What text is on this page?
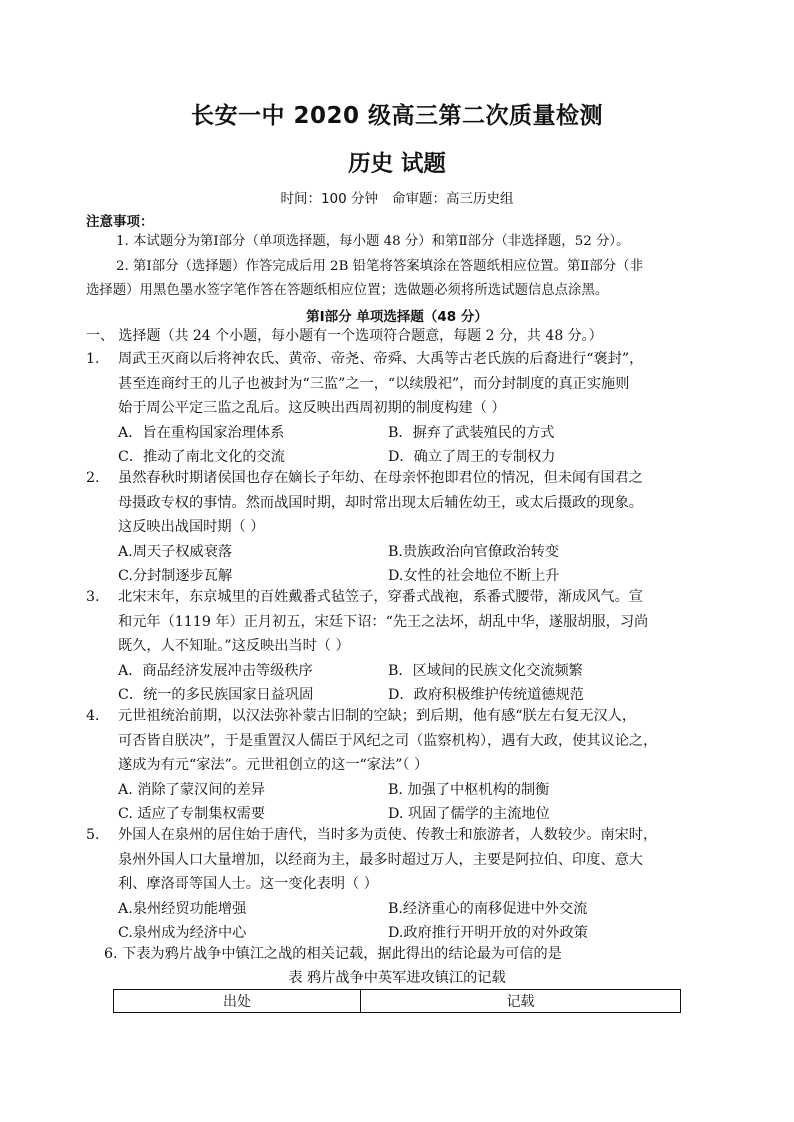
长安一中 2020 级高三第二次质量检测
历史 试题
时间：100 分钟 命审题：高三历史组
注意事项：
1. 本试题分为第Ⅰ部分（单项选择题，每小题 48 分）和第Ⅱ部分（非选择题，52 分）。
2. 第Ⅰ部分（选择题）作答完成后用 2B 铅笔将答案填涂在答题纸相应位置。第Ⅱ部分（非
选择题）用黑色墨水签字笔作答在答题纸相应位置；选做题必须将所选试题信息点涂黑。
第Ⅰ部分 单项选择题（48 分）
一、 选择题（共 24 个小题，每小题有一个选项符合题意，每题 2 分，共 48 分。）
1. 周武王灭商以后将神农氏、黄帝、帝尧、帝舜、大禹等古老氏族的后裔进行“褒封”，
甚至连商纣王的儿子也被封为“三监”之一，“以续殷祀”，而分封制度的真正实施则
始于周公平定三监之乱后。这反映出西周初期的制度构建（ ）
A．旨在重构国家治理体系	B．摒弃了武装殖民的方式
C．推动了南北文化的交流	D．确立了周王的专制权力
2. 虽然春秋时期诸侯国也存在嫡长子年幼、在母亲怀抱即君位的情况，但未闻有国君之
母摄政专权的事情。然而战国时期，却时常出现太后辅佐幼王，或太后摄政的现象。
这反映出战国时期（ ）
A.周天子权威衰落	B.贵族政治向官僚政治转变
C.分封制逐步瓦解	D.女性的社会地位不断上升
3. 北宋末年，东京城里的百姓戴番式毡笠子，穿番式战袍，系番式腰带，渐成风气。宣
和元年（1119 年）正月初五，宋廷下诏：“先王之法坏，胡乱中华，遂服胡服，习尚
既久，人不知耻。”这反映出当时（ ）
A．商品经济发展冲击等级秩序	B．区域间的民族文化交流频繁
C．统一的多民族国家日益巩固	D．政府积极维护传统道德规范
4． 元世祖统治前期，以汉法弥补蒙古旧制的空缺；到后期，他有感“朕左右复无汉人，
可否皆自朕决”，于是重置汉人儒臣于风纪之司（监察机构），遇有大政，使其议论之，
遂成为有元“家法”。元世祖创立的这一“家法”（ ）
A. 消除了蒙汉间的差异	B. 加强了中枢机构的制衡
C. 适应了专制集权需要	D. 巩固了儒学的主流地位
5. 外国人在泉州的居住始于唐代，当时多为贡使、传教士和旅游者，人数较少。南宋时，
泉州外国人口大量增加，以经商为主，最多时超过万人，主要是阿拉伯、印度、意大
利、摩洛哥等国人士。这一变化表明（ ）
A.泉州经贸功能增强	B.经济重心的南移促进中外交流
C.泉州成为经济中心	D.政府推行开明开放的对外政策
6. 下表为鸦片战争中镇江之战的相关记载，据此得出的结论最为可信的是
表 鸦片战争中英军进攻镇江的记载
出处	记载
